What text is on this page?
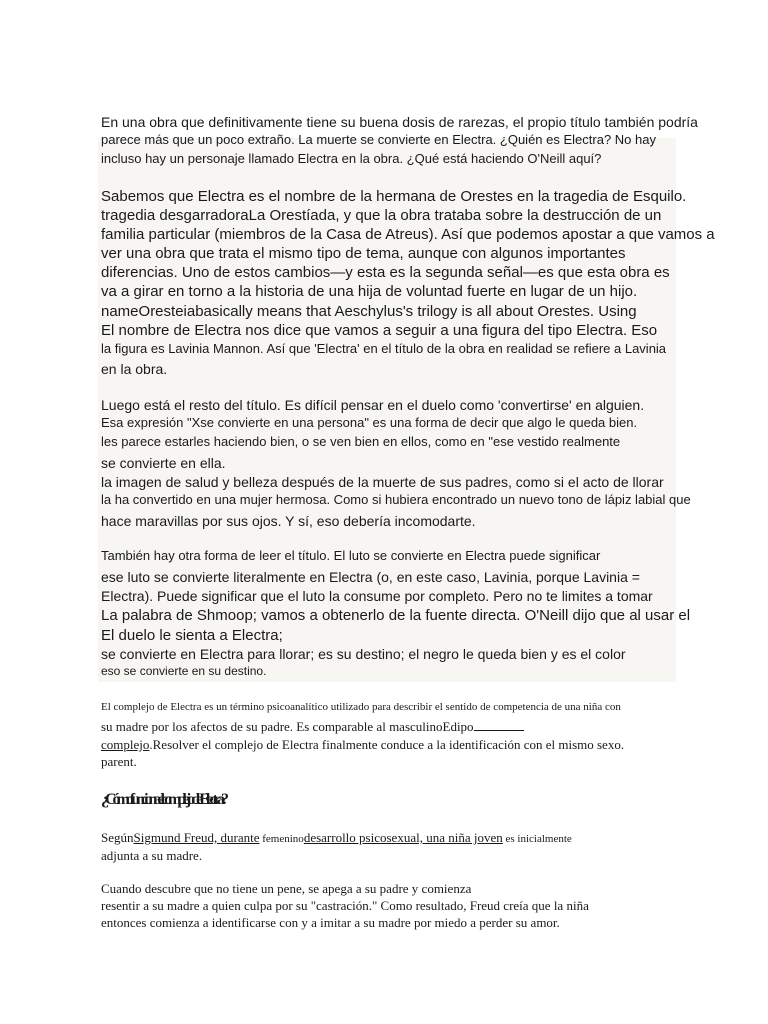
En una obra que definitivamente tiene su buena dosis de rarezas, el propio título también podría

parece más que un poco extraño. La muerte se convierte en Electra. ¿Quién es Electra? No hay

incluso hay un personaje llamado Electra en la obra. ¿Qué está haciendo O'Neill aquí?

Sabemos que Electra es el nombre de la hermana de Orestes en la tragedia de Esquilo.

tragedia desgarradoraLa Orestíada, y que la obra trataba sobre la destrucción de un

familia particular (miembros de la Casa de Atreus). Así que podemos apostar a que vamos a

ver una obra que trata el mismo tipo de tema, aunque con algunos importantes

diferencias. Uno de estos cambios—y esta es la segunda señal—es que esta obra es

va a girar en torno a la historia de una hija de voluntad fuerte en lugar de un hijo.

nameOresteiabasically means that Aeschylus's trilogy is all about Orestes. Using

El nombre de Electra nos dice que vamos a seguir a una figura del tipo Electra. Eso

la figura es Lavinia Mannon. Así que 'Electra' en el título de la obra en realidad se refiere a Lavinia

en la obra.

Luego está el resto del título. Es difícil pensar en el duelo como 'convertirse' en alguien.

Esa expresión "Xse convierte en una persona" es una forma de decir que algo le queda bien.

les parece estarles haciendo bien, o se ven bien en ellos, como en "ese vestido realmente

se convierte en ella.

la imagen de salud y belleza después de la muerte de sus padres, como si el acto de llorar

la ha convertido en una mujer hermosa. Como si hubiera encontrado un nuevo tono de lápiz labial que

hace maravillas por sus ojos. Y sí, eso debería incomodarte.

También hay otra forma de leer el título. El luto se convierte en Electra puede significar

ese luto se convierte literalmente en Electra (o, en este caso, Lavinia, porque Lavinia =

Electra). Puede significar que el luto la consume por completo. Pero no te limites a tomar

La palabra de Shmoop; vamos a obtenerlo de la fuente directa. O'Neill dijo que al usar el

El duelo le sienta a Electra;

se convierte en Electra para llorar; es su destino; el negro le queda bien y es el color

eso se convierte en su destino.

El complejo de Electra es un término psicoanalítico utilizado para describir el sentido de competencia de una niña con

su madre por los afectos de su padre. Es comparable al masculinoEdipo

complejo.Resolver el complejo de Electra finalmente conduce a la identificación con el mismo sexo.

parent.

¿Cómo funciona el complejo de Electra?

SegúnSigmund Freud, durante femeninodesarrollo psicosexual, una niña joven es inicialmente

adjunta a su madre.

Cuando descubre que no tiene un pene, se apega a su padre y comienza

resentir a su madre a quien culpa por su "castración." Como resultado, Freud creía que la niña

entonces comienza a identificarse con y a imitar a su madre por miedo a perder su amor.
